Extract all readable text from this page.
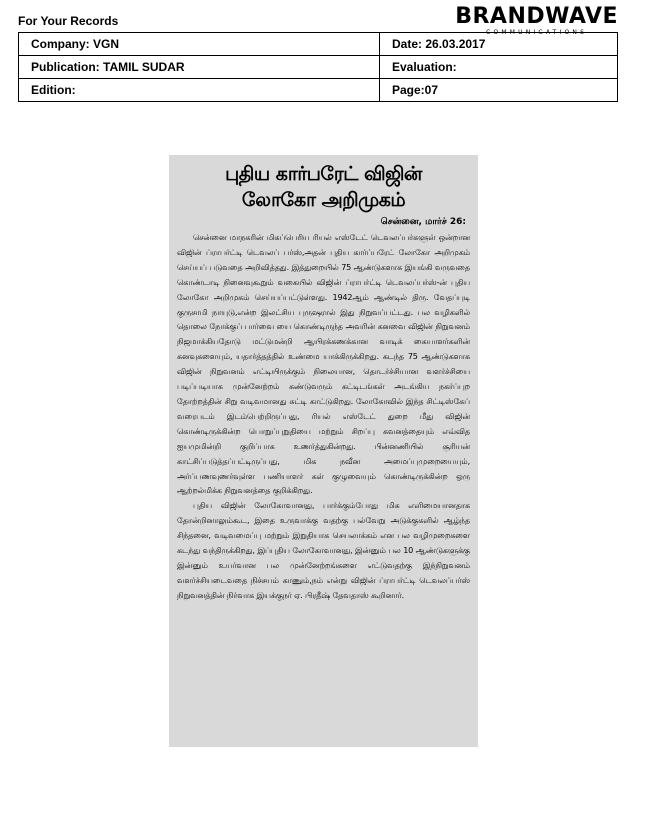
For Your Records	BRANDWAVE
COMMUNICATIONS
Company: VGN	Date: 26.03.2017
Publication: TAMIL SUDAR	Evaluation:
Edition:	Page:07
புதிய கார்பரேட் விஜின்
லோகோ அறிமுகம்
சென்னை, மார்ச் 26:

சென்னை மாநகரின் மிகப்பெரிய ரியல் எஸ்டேட் டெவலப்பர்களுள் ஒன்றான விஜின் ப்ராபர்ட்டி டெவலப் பர்ஸ்,அதன் புதிய கார்ப்பரேட் லோகோ அறிமுகம் செய்யப் படுவதை அறிவித்தது. இத்துறையில் 75 ஆண்டுகளாக இயங்கி வருவதை கொண்டாடி நினைவுகூறும் வகையில் விஜின் ப்ராபர்ட்டி டெவலப்பர்ஸ்-ன் புதிய லோகோ அறிமுகம் செய்யப்பட்டுள்ளது. 1942ஆம் ஆண்டில் திரு. வேதப்புடி குருசாமி நாயுடு,என்ற இலட்சிய புருஷரால் இது நிறுவப்பட்டது. பல வழிகளில் தொலை நோக்குப் பார்வை யை கொண்டிருந்த அவரின் கனவை விஜின் நிறுவனம் நிஜமாக்கியதோடு மட்டுமன்றி ஆயிரக்கணக்கான வாடிக் கையாளர்களின் கனவுகளையும், யதார்த்தத்தில் உண்மை யாக்கிருக்கிறது. கடந்த 75 ஆண்டுகளாக விஜின் நிறுவனம் எட்டியிருக்கும் நிலையான, தொடர்ச்சியான வளர்ச்சியை படிப்படியாக முன்னேற்றம் கண்டுவரும் கட்டிடங்கள் அடங்கிய நகர்ப்புற தோற்றத்தின் சிறு வடிவமானது சுட்டி காட்டுகிறது. லோகோவில் இந்த சிட்டிஸ்கேப் வரைபடம் இடம்பெற்றிருப்பது, ரியல் எஸ்டேட் துறை மீது விஜின் கொண்டிருக்கின்ற பொறுப்புறுதியை மற்றும் சிறப்பு கவனத்தையும் எவ்வித ஐயமுமின்றி குறிப்பாக உணர்த்துகின்றது. பின்னணியில் சூரியன் காட்சிப்படுத்தப்பட்டிருப்பது, மிக நவீன அமைப்புமுறையையும், அர்ப்பணவுணர்வுள்ள பணியாளர் கள் குழுவையும் கொண்டிருக்கின்ற ஒரு ஆற்றல்மிக்க நிறுவனத்தை குறிக்கிறது.

புதிய விஜின் லோகோவானது, பார்க்கும்போது மிக எளிமையானதாக தோன்றினாலும்கூட, இதை உருவாக்கு வதற்கு பல்வேறு அடுக்குகளில் ஆழ்ந்த சிந்தனை, வடிவமைப்பு மற்றும் இறுதியாக செயலாக்கம் என பல வழிமுறைகளை கடந்து வந்திருக்கிறது, இப்புதிய லோகோவானது, இன்னும் பல 10 ஆண்டுகளுக்கு இன்னும் உயர்வான பல முன்னேற்றங்களை எட்டுவதற்கு இந்நிறுவனம் வளர்ச்சியடைவதை நிச்சயம் காணும்,நம் என்று விஜின் ப்ராபர்ட்டி டெவலப்பர்ஸ் நிறுவனத்தின் நிர்வாக இயக்குநர் ஏ. பிரதீஷ் தேவதாஸ் கூறினார்.
